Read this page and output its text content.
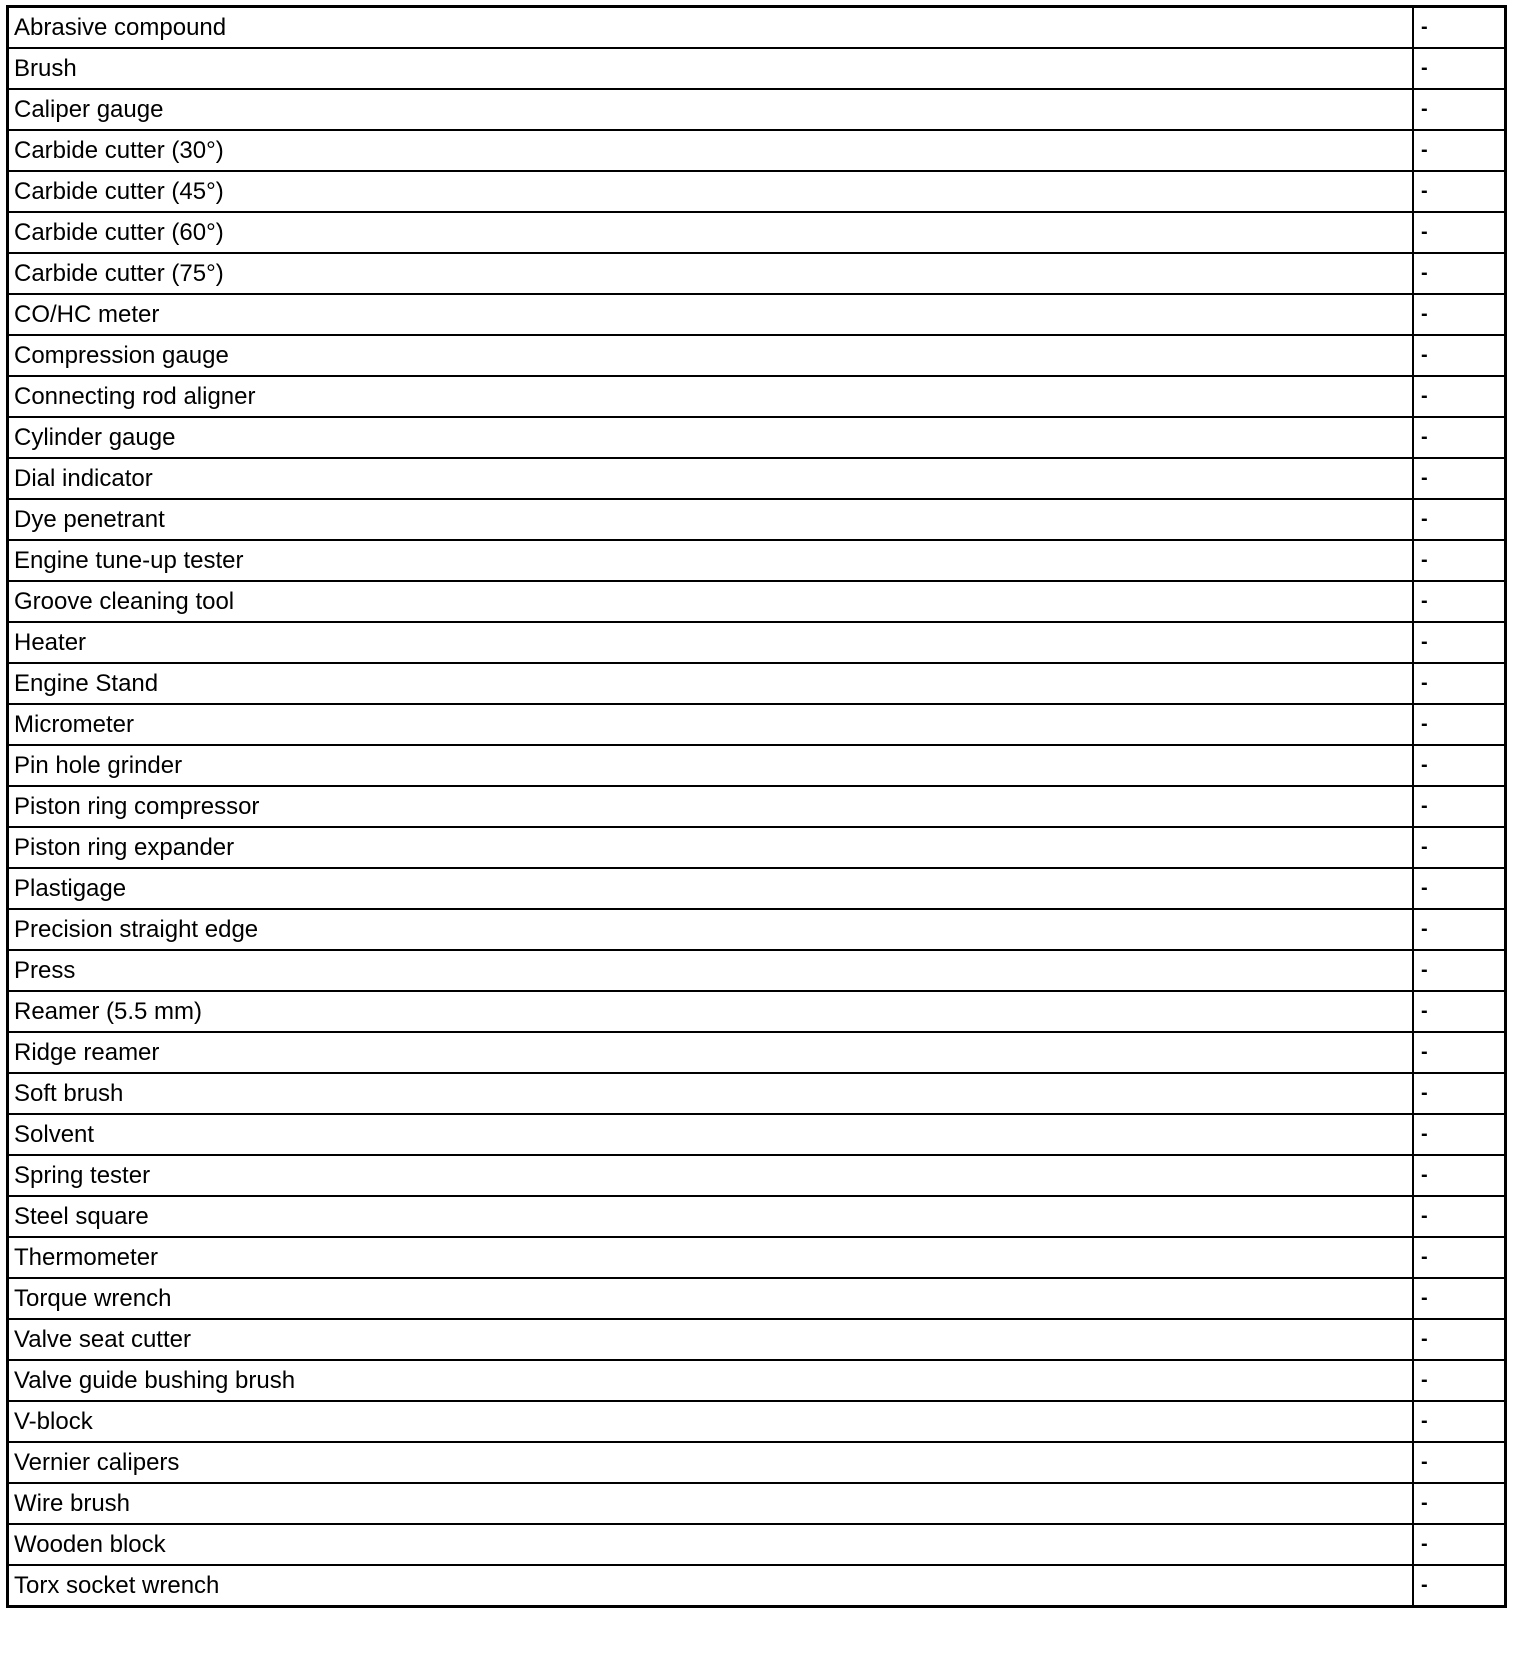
Abrasive compound	-
Brush	-
Caliper gauge	-
Carbide cutter (30°)	-
Carbide cutter (45°)	-
Carbide cutter (60°)	-
Carbide cutter (75°)	-
CO/HC meter	-
Compression gauge	-
Connecting rod aligner	-
Cylinder gauge	-
Dial indicator	-
Dye penetrant	-
Engine tune-up tester	-
Groove cleaning tool	-
Heater	-
Engine Stand	-
Micrometer	-
Pin hole grinder	-
Piston ring compressor	-
Piston ring expander	-
Plastigage	-
Precision straight edge	-
Press	-
Reamer (5.5 mm)	-
Ridge reamer	-
Soft brush	-
Solvent	-
Spring tester	-
Steel square	-
Thermometer	-
Torque wrench	-
Valve seat cutter	-
Valve guide bushing brush	-
V-block	-
Vernier calipers	-
Wire brush	-
Wooden block	-
Torx socket wrench	-
